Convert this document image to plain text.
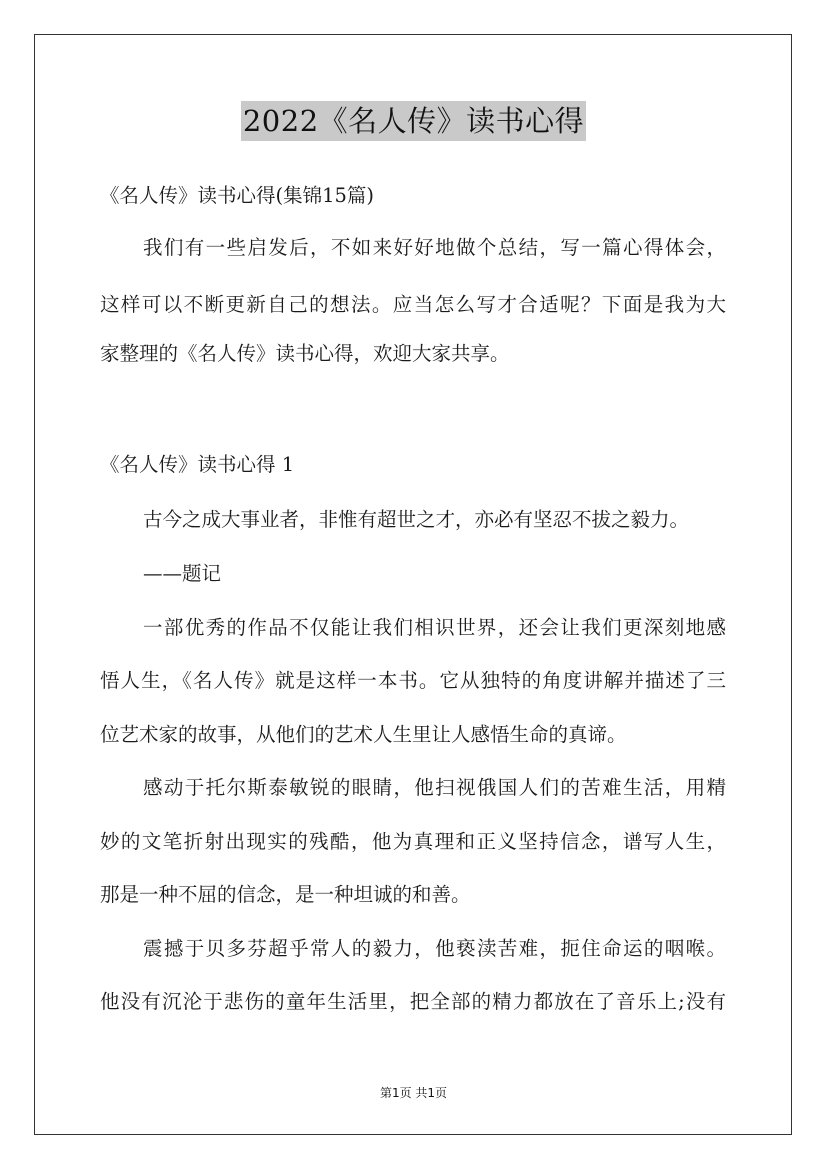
2022《名人传》读书心得
《名人传》读书心得(集锦15篇)
我们有一些启发后，不如来好好地做个总结，写一篇心得体会，
这样可以不断更新自己的想法。应当怎么写才合适呢？下面是我为大
家整理的《名人传》读书心得，欢迎大家共享。
《名人传》读书心得 1
古今之成大事业者，非惟有超世之才，亦必有坚忍不拔之毅力。
——题记
一部优秀的作品不仅能让我们相识世界，还会让我们更深刻地感
悟人生，《名人传》就是这样一本书。它从独特的角度讲解并描述了三
位艺术家的故事，从他们的艺术人生里让人感悟生命的真谛。
感动于托尔斯泰敏锐的眼睛，他扫视俄国人们的苦难生活，用精
妙的文笔折射出现实的残酷，他为真理和正义坚持信念，谱写人生，
那是一种不屈的信念，是一种坦诚的和善。
震撼于贝多芬超乎常人的毅力，他亵渎苦难，扼住命运的咽喉。
他没有沉沦于悲伤的童年生活里，把全部的精力都放在了音乐上;没有
第1页 共1页
